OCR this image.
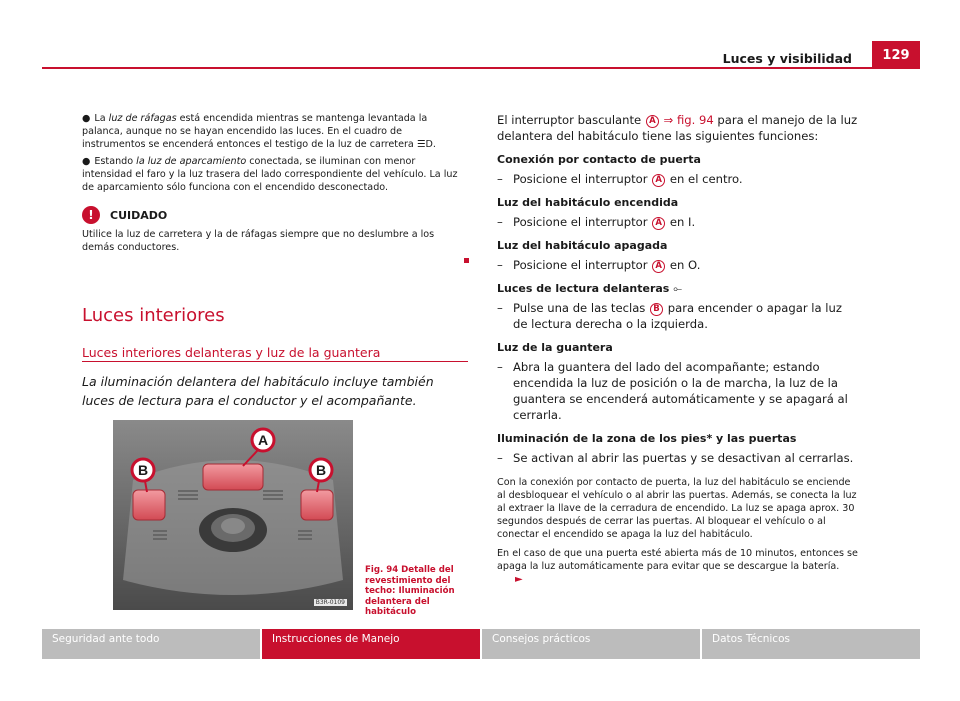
Luces y visibilidad	129

● La luz de ráfagas está encendida mientras se mantenga levantada la palanca, aunque no se hayan encendido las luces. En el cuadro de instrumentos se encenderá entonces el testigo de la luz de carretera ☰D.

● Estando la luz de aparcamiento conectada, se iluminan con menor intensidad el faro y la luz trasera del lado correspondiente del vehículo. La luz de aparcamiento sólo funciona con el encendido desconectado.

!	CUIDADO

Utilice la luz de carretera y la de ráfagas siempre que no deslumbre a los demás conductores.

Luces interiores
Luces interiores delanteras y luz de la guantera
La iluminación delantera del habitáculo incluye también luces de lectura para el conductor y el acompañante.
A
B	B
B3R-0109
Fig. 94 Detalle del revestimiento del techo: Iluminación delantera del habitáculo

El interruptor basculante A ⇒ fig. 94 para el manejo de la luz delantera del habitáculo tiene las siguientes funciones:

Conexión por contacto de puerta
– Posicione el interruptor A en el centro.
Luz del habitáculo encendida
– Posicione el interruptor A en I.
Luz del habitáculo apagada
– Posicione el interruptor A en O.
Luces de lectura delanteras ⟜
– Pulse una de las teclas B para encender o apagar la luz de lectura derecha o la izquierda.
Luz de la guantera
– Abra la guantera del lado del acompañante; estando encendida la luz de posición o la de marcha, la luz de la guantera se encenderá automáticamente y se apagará al cerrarla.
Iluminación de la zona de los pies* y las puertas
– Se activan al abrir las puertas y se desactivan al cerrarlas.

Con la conexión por contacto de puerta, la luz del habitáculo se enciende al desbloquear el vehículo o al abrir las puertas. Además, se conecta la luz al extraer la llave de la cerradura de encendido. La luz se apaga aprox. 30 segundos después de cerrar las puertas. Al bloquear el vehículo o al conectar el encendido se apaga la luz del habitáculo.

En el caso de que una puerta esté abierta más de 10 minutos, entonces se apaga la luz automáticamente para evitar que se descargue la batería.►

Seguridad ante todo	Instrucciones de Manejo	Consejos prácticos	Datos Técnicos
